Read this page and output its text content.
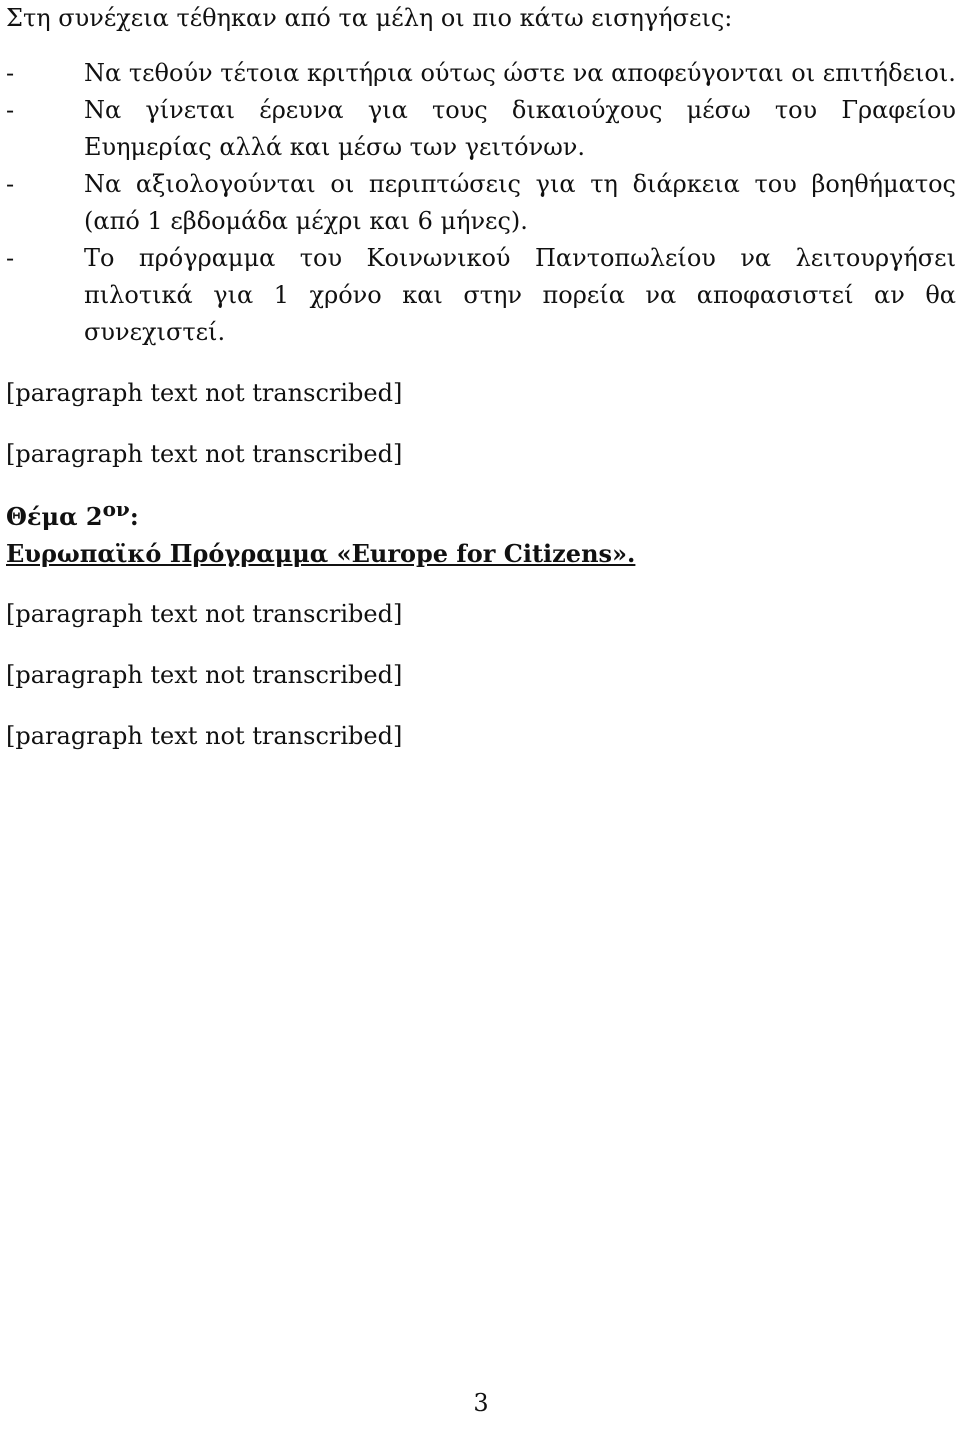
Στη συνέχεια τέθηκαν από τα μέλη οι πιο κάτω εισηγήσεις:
-	Να τεθούν τέτοια κριτήρια ούτως ώστε να αποφεύγονται οι επιτήδειοι.
-	Να γίνεται έρευνα για τους δικαιούχους μέσω του Γραφείου Ευημερίας αλλά και μέσω των γειτόνων.
-	Να αξιολογούνται οι περιπτώσεις για τη διάρκεια του βοηθήματος (από 1 εβδομάδα μέχρι και 6 μήνες).
-	Το πρόγραμμα του Κοινωνικού Παντοπωλείου να λειτουργήσει πιλοτικά για 1 χρόνο και στην πορεία να αποφασιστεί αν θα συνεχιστεί.

[paragraph text not transcribed]

[paragraph text not transcribed]

Θέμα $2^{o\nu}$:
Ευρωπαϊκό Πρόγραμμα «Europe for Citizens».

[paragraph text not transcribed]

[paragraph text not transcribed]

[paragraph text not transcribed]

3
